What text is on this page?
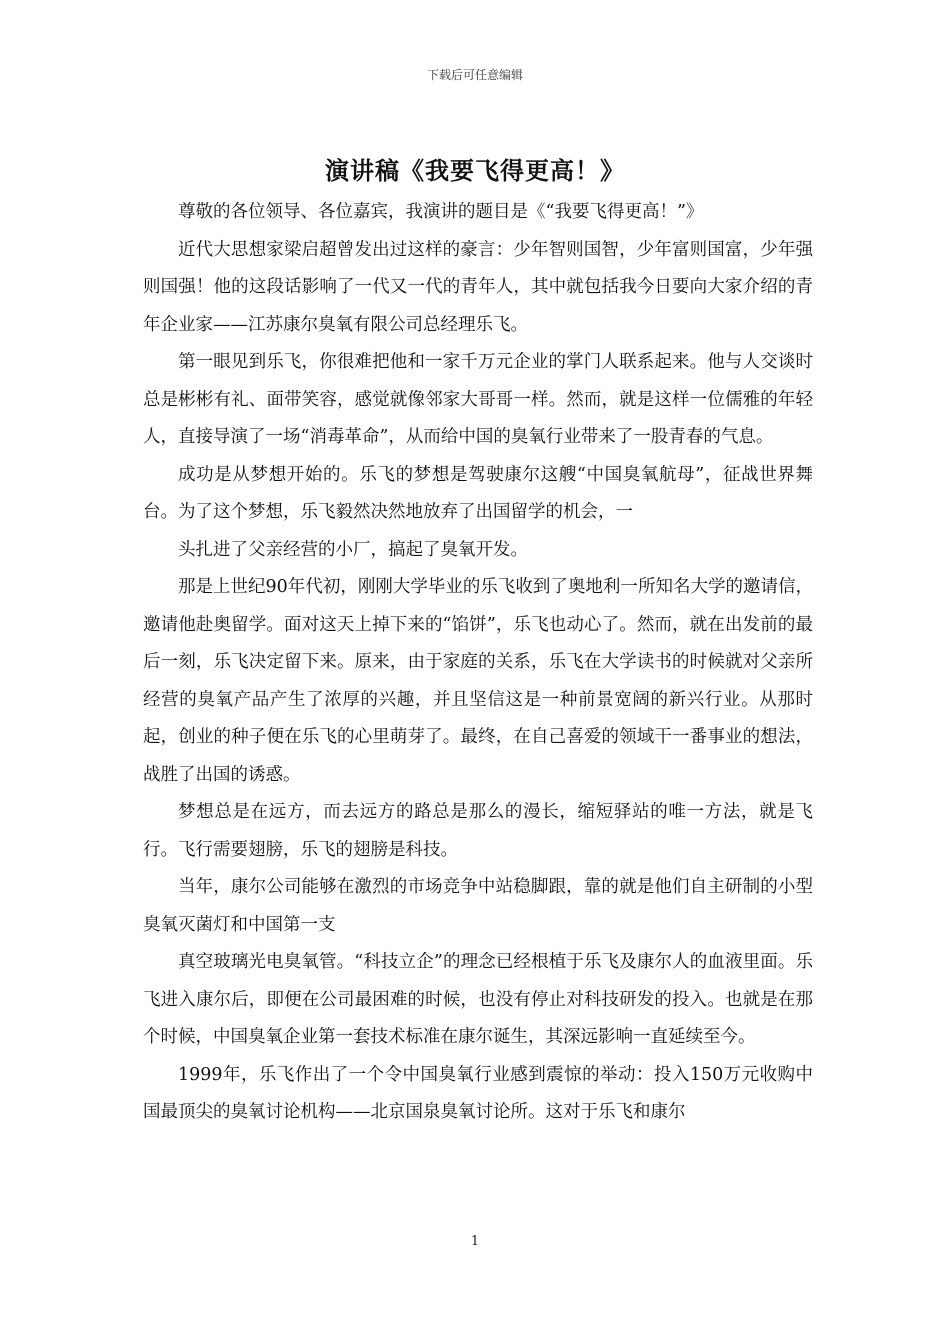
下载后可任意编辑
演讲稿《我要飞得更高！》

尊敬的各位领导、各位嘉宾，我演讲的题目是《“我要飞得更高！”》

近代大思想家梁启超曾发出过这样的豪言：少年智则国智，少年富则国富，少年强则国强！他的这段话影响了一代又一代的青年人，其中就包括我今日要向大家介绍的青年企业家——江苏康尔臭氧有限公司总经理乐飞。

第一眼见到乐飞，你很难把他和一家千万元企业的掌门人联系起来。他与人交谈时总是彬彬有礼、面带笑容，感觉就像邻家大哥哥一样。然而，就是这样一位儒雅的年轻人，直接导演了一场“消毒革命”，从而给中国的臭氧行业带来了一股青春的气息。

成功是从梦想开始的。乐飞的梦想是驾驶康尔这艘“中国臭氧航母”，征战世界舞台。为了这个梦想，乐飞毅然决然地放弃了出国留学的机会，一

头扎进了父亲经营的小厂，搞起了臭氧开发。

那是上世纪90年代初，刚刚大学毕业的乐飞收到了奥地利一所知名大学的邀请信，邀请他赴奥留学。面对这天上掉下来的“馅饼”，乐飞也动心了。然而，就在出发前的最后一刻，乐飞决定留下来。原来，由于家庭的关系，乐飞在大学读书的时候就对父亲所经营的臭氧产品产生了浓厚的兴趣，并且坚信这是一种前景宽阔的新兴行业。从那时起，创业的种子便在乐飞的心里萌芽了。最终，在自己喜爱的领域干一番事业的想法，战胜了出国的诱惑。

梦想总是在远方，而去远方的路总是那么的漫长，缩短驿站的唯一方法，就是飞行。飞行需要翅膀，乐飞的翅膀是科技。

当年，康尔公司能够在激烈的市场竞争中站稳脚跟，靠的就是他们自主研制的小型臭氧灭菌灯和中国第一支

真空玻璃光电臭氧管。“科技立企”的理念已经根植于乐飞及康尔人的血液里面。乐飞进入康尔后，即便在公司最困难的时候，也没有停止对科技研发的投入。也就是在那个时候，中国臭氧企业第一套技术标准在康尔诞生，其深远影响一直延续至今。

1999年，乐飞作出了一个令中国臭氧行业感到震惊的举动：投入150万元收购中国最顶尖的臭氧讨论机构——北京国泉臭氧讨论所。这对于乐飞和康尔

1
